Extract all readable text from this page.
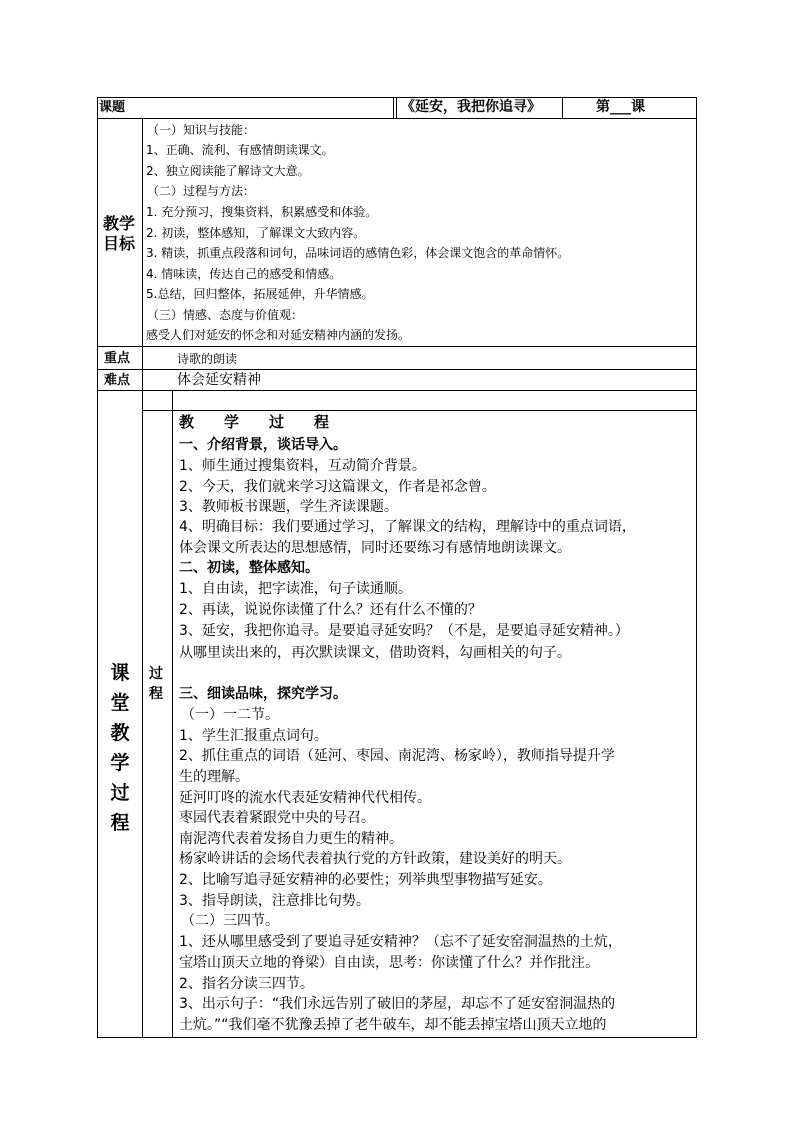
课题	《延安，我把你追寻》	第___课
教学目标
（一）知识与技能：
1、正确、流利、有感情朗读课文。
2、独立阅读能了解诗文大意。
（二）过程与方法：
1. 充分预习，搜集资料，积累感受和体验。
2. 初读，整体感知，了解课文大致内容。
3. 精读，抓重点段落和词句，品味词语的感情色彩，体会课文饱含的革命情怀。
4. 情味读，传达自己的感受和情感。
5.总结，回归整体，拓展延伸，升华情感。
（三）情感、态度与价值观：
感受人们对延安的怀念和对延安精神内涵的发扬。
重点	诗歌的朗读
难点	体会延安精神
课堂教学过程
过程
教　　学　　过　　程
一、介绍背景，谈话导入。
1、师生通过搜集资料，互动简介背景。
2、今天，我们就来学习这篇课文，作者是祁念曾。
3、教师板书课题，学生齐读课题。
4、明确目标：我们要通过学习，了解课文的结构，理解诗中的重点词语，
体会课文所表达的思想感情，同时还要练习有感情地朗读课文。
二、初读，整体感知。
1、自由读，把字读准，句子读通顺。
2、再读，说说你读懂了什么？还有什么不懂的？
3、延安，我把你追寻。是要追寻延安吗？（不是，是要追寻延安精神。）
从哪里读出来的，再次默读课文，借助资料，勾画相关的句子。
三、细读品味，探究学习。
（一）一二节。
1、学生汇报重点词句。
2、抓住重点的词语（延河、枣园、南泥湾、杨家岭），教师指导提升学
生的理解。
延河叮咚的流水代表延安精神代代相传。
枣园代表着紧跟党中央的号召。
南泥湾代表着发扬自力更生的精神。
杨家岭讲话的会场代表着执行党的方针政策，建设美好的明天。
2、比喻写追寻延安精神的必要性；列举典型事物描写延安。
3、指导朗读，注意排比句势。
（二）三四节。
1、还从哪里感受到了要追寻延安精神？（忘不了延安窑洞温热的土炕，
宝塔山顶天立地的脊梁）自由读，思考：你读懂了什么？并作批注。
2、指名分读三四节。
3、出示句子：“我们永远告别了破旧的茅屋，却忘不了延安窑洞温热的
土炕。”“我们毫不犹豫丢掉了老牛破车，却不能丢掉宝塔山顶天立地的
